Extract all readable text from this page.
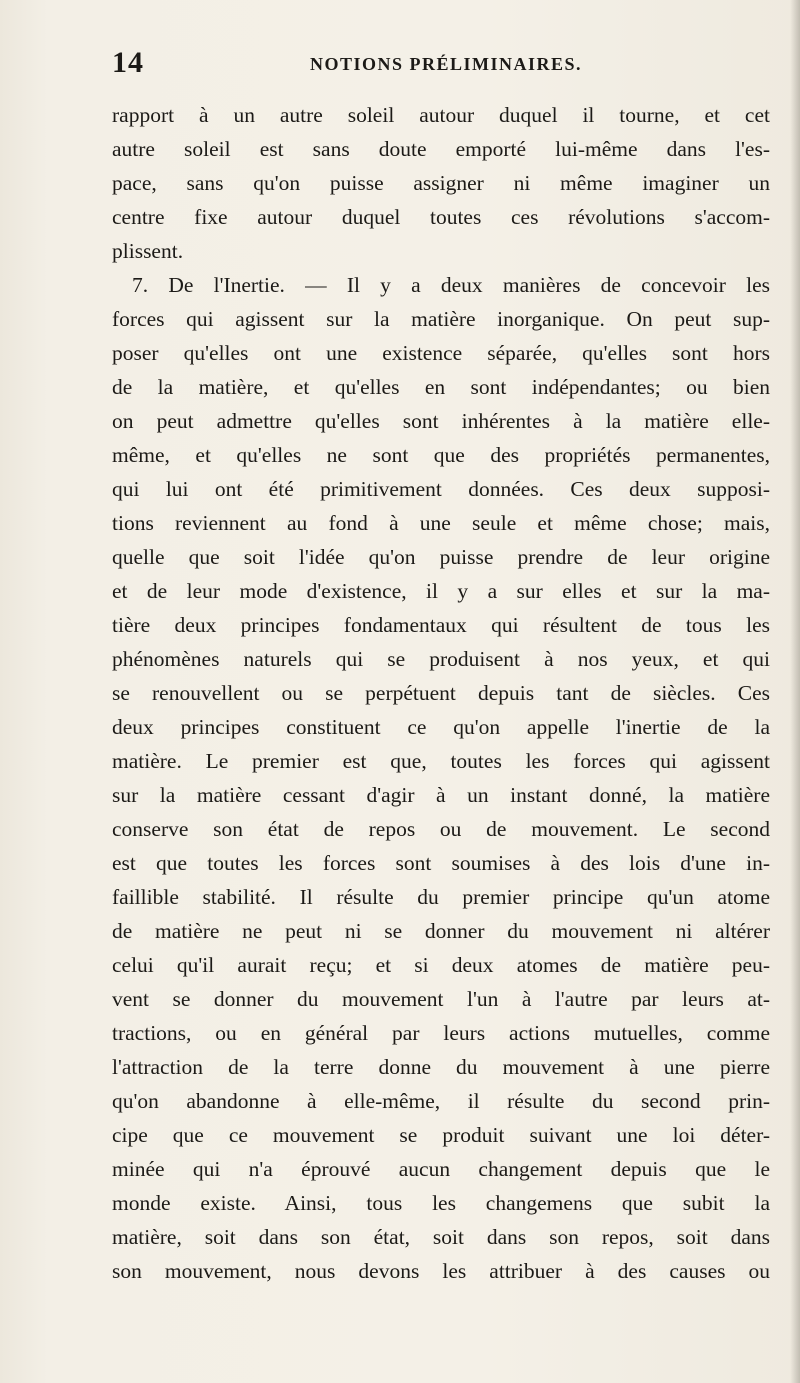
14	NOTIONS PRÉLIMINAIRES.
rapport à un autre soleil autour duquel il tourne, et cet
autre soleil est sans doute emporté lui-même dans l'es-
pace, sans qu'on puisse assigner ni même imaginer un
centre fixe autour duquel toutes ces révolutions s'accom-
plissent.
7. De l'Inertie. — Il y a deux manières de concevoir les
forces qui agissent sur la matière inorganique. On peut sup-
poser qu'elles ont une existence séparée, qu'elles sont hors
de la matière, et qu'elles en sont indépendantes; ou bien
on peut admettre qu'elles sont inhérentes à la matière elle-
même, et qu'elles ne sont que des propriétés permanentes,
qui lui ont été primitivement données. Ces deux supposi-
tions reviennent au fond à une seule et même chose; mais,
quelle que soit l'idée qu'on puisse prendre de leur origine
et de leur mode d'existence, il y a sur elles et sur la ma-
tière deux principes fondamentaux qui résultent de tous les
phénomènes naturels qui se produisent à nos yeux, et qui
se renouvellent ou se perpétuent depuis tant de siècles. Ces
deux principes constituent ce qu'on appelle l'inertie de la
matière. Le premier est que, toutes les forces qui agissent
sur la matière cessant d'agir à un instant donné, la matière
conserve son état de repos ou de mouvement. Le second
est que toutes les forces sont soumises à des lois d'une in-
faillible stabilité. Il résulte du premier principe qu'un atome
de matière ne peut ni se donner du mouvement ni altérer
celui qu'il aurait reçu; et si deux atomes de matière peu-
vent se donner du mouvement l'un à l'autre par leurs at-
tractions, ou en général par leurs actions mutuelles, comme
l'attraction de la terre donne du mouvement à une pierre
qu'on abandonne à elle-même, il résulte du second prin-
cipe que ce mouvement se produit suivant une loi déter-
minée qui n'a éprouvé aucun changement depuis que le
monde existe. Ainsi, tous les changemens que subit la
matière, soit dans son état, soit dans son repos, soit dans
son mouvement, nous devons les attribuer à des causes ou
